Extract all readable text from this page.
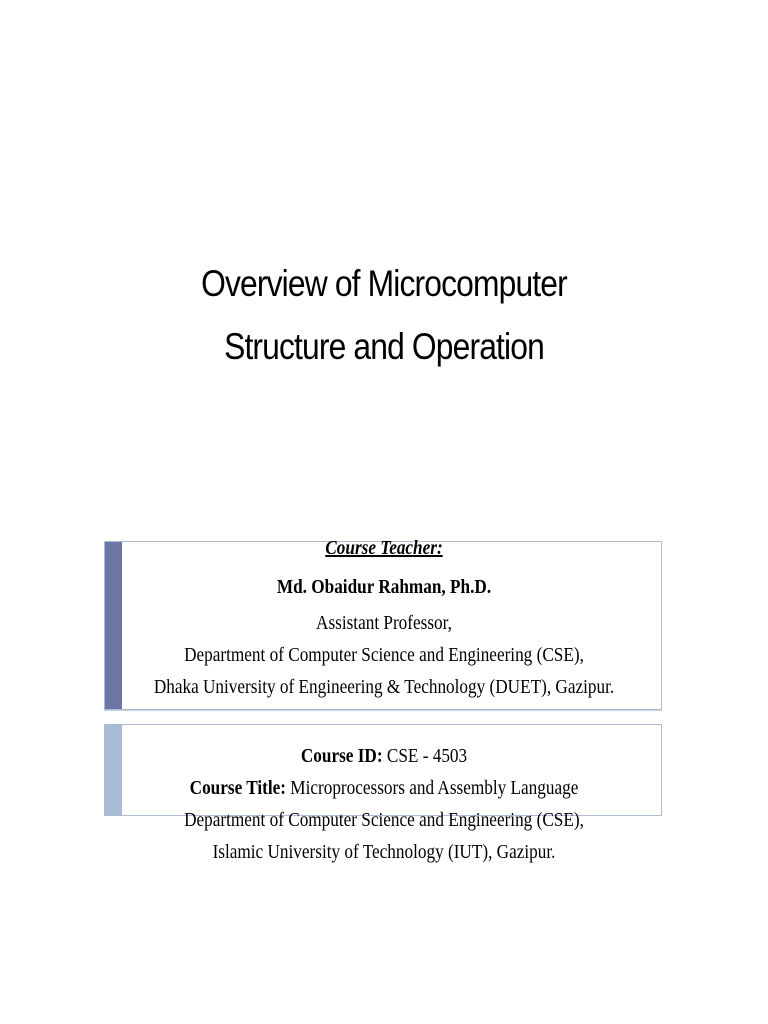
Overview of Microcomputer
Structure and Operation
Course Teacher:
Md. Obaidur Rahman, Ph.D.
Assistant Professor,
Department of Computer Science and Engineering (CSE),
Dhaka University of Engineering & Technology (DUET), Gazipur.
Course ID: CSE - 4503
Course Title: Microprocessors and Assembly Language
Department of Computer Science and Engineering (CSE),
Islamic University of Technology (IUT), Gazipur.
